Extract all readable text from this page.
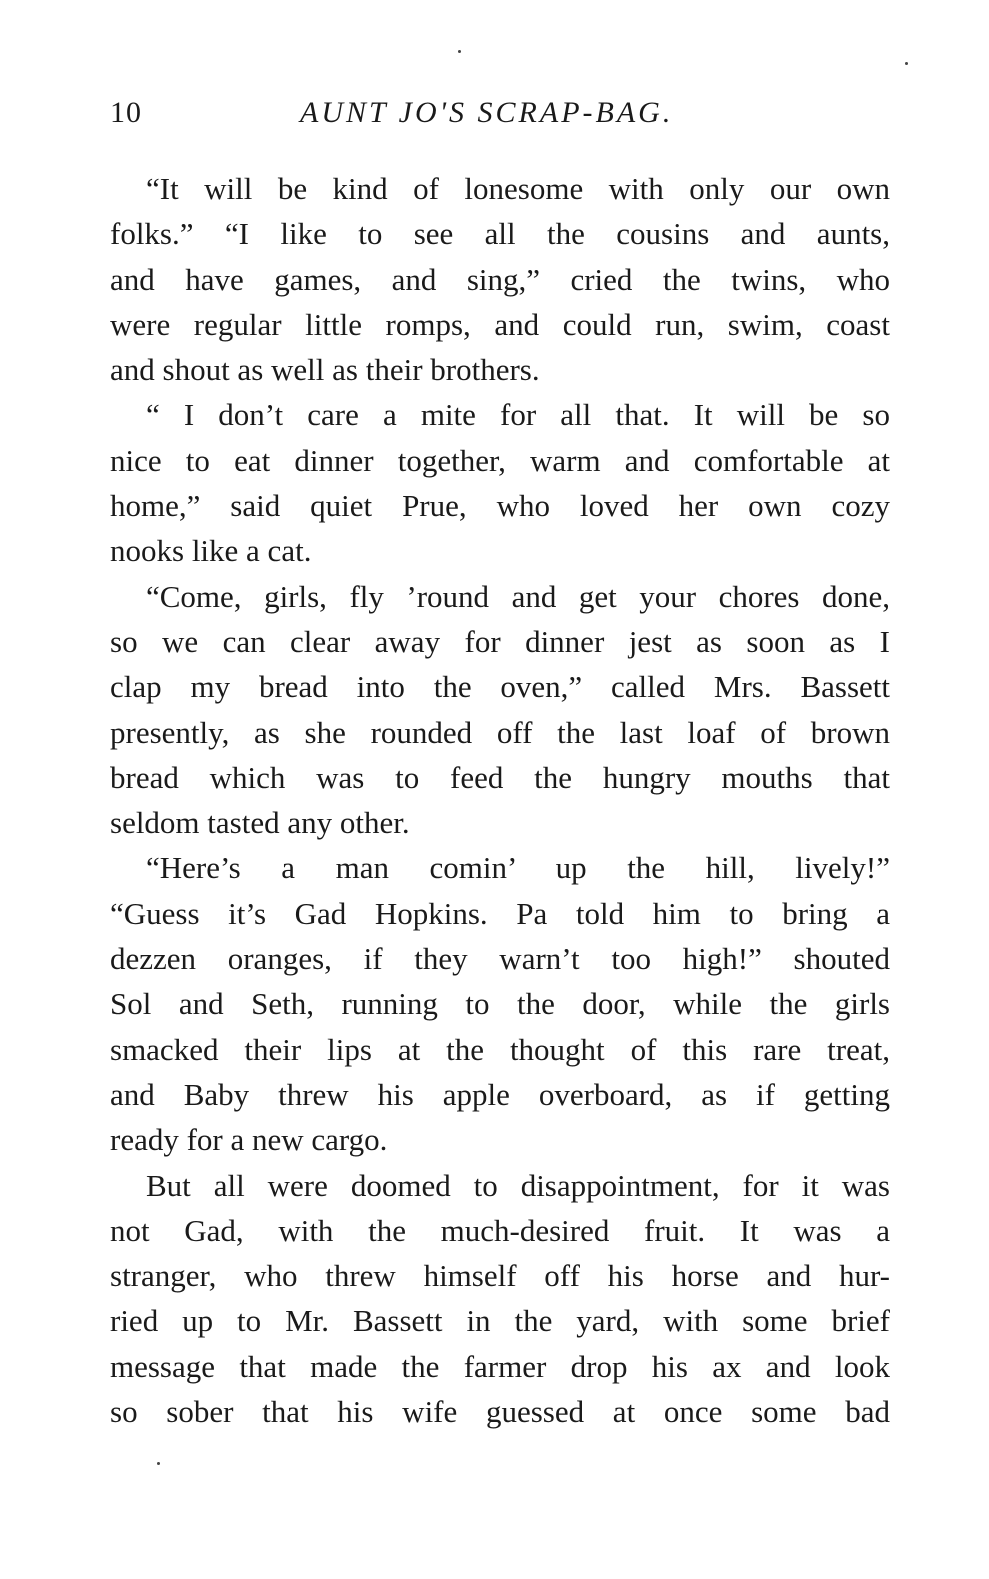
10	AUNT JO'S SCRAP-BAG.
“It will be kind of lonesome with only our own
folks.” “I like to see all the cousins and aunts,
and have games, and sing,” cried the twins, who
were regular little romps, and could run, swim, coast
and shout as well as their brothers.
“ I don’t care a mite for all that. It will be so
nice to eat dinner together, warm and comfortable at
home,” said quiet Prue, who loved her own cozy
nooks like a cat.
“Come, girls, fly ’round and get your chores done,
so we can clear away for dinner jest as soon as I
clap my bread into the oven,” called Mrs. Bassett
presently, as she rounded off the last loaf of brown
bread which was to feed the hungry mouths that
seldom tasted any other.
“Here’s a man comin’ up the hill, lively!”
“Guess it’s Gad Hopkins. Pa told him to bring a
dezzen oranges, if they warn’t too high!” shouted
Sol and Seth, running to the door, while the girls
smacked their lips at the thought of this rare treat,
and Baby threw his apple overboard, as if getting
ready for a new cargo.
But all were doomed to disappointment, for it was
not Gad, with the much-desired fruit. It was a
stranger, who threw himself off his horse and hur-
ried up to Mr. Bassett in the yard, with some brief
message that made the farmer drop his ax and look
so sober that his wife guessed at once some bad
